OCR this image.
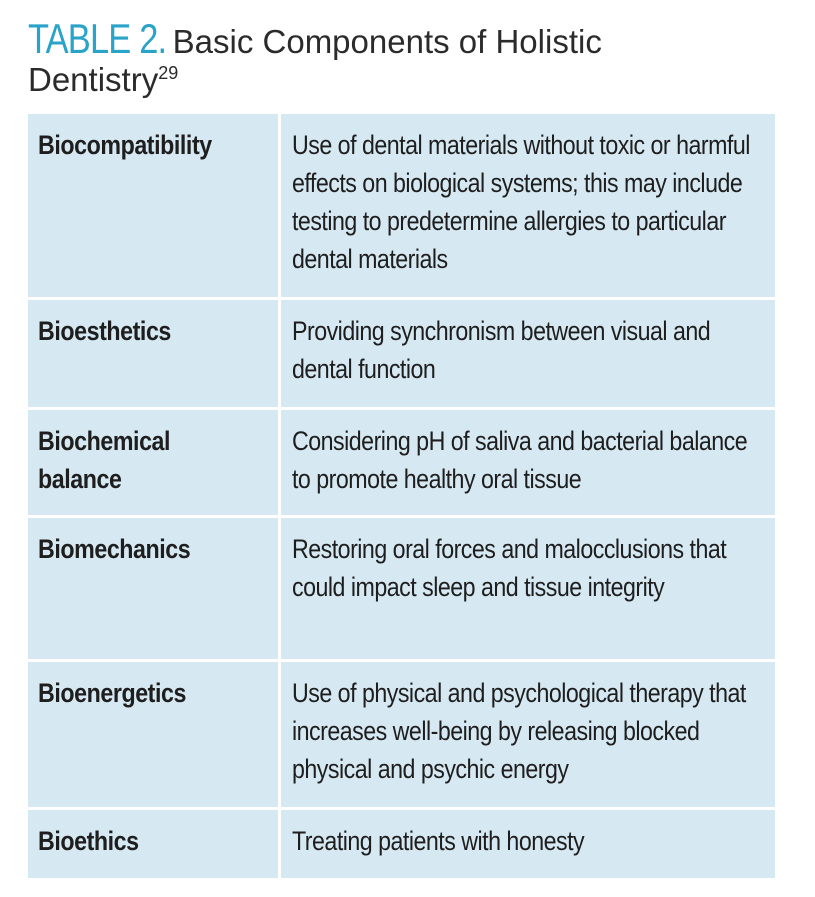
TABLE 2. Basic Components of Holistic
Dentistry$^{29}$
Biocompatibility	Use of dental materials without toxic or harmful effects on biological systems; this may include testing to predetermine allergies to particular dental materials
Bioesthetics	Providing synchronism between visual and dental function
Biochemical balance	Considering pH of saliva and bacterial balance to promote healthy oral tissue
Biomechanics	Restoring oral forces and malocclusions that could impact sleep and tissue integrity
Bioenergetics	Use of physical and psychological therapy that increases well-being by releasing blocked physical and psychic energy
Bioethics	Treating patients with honesty
